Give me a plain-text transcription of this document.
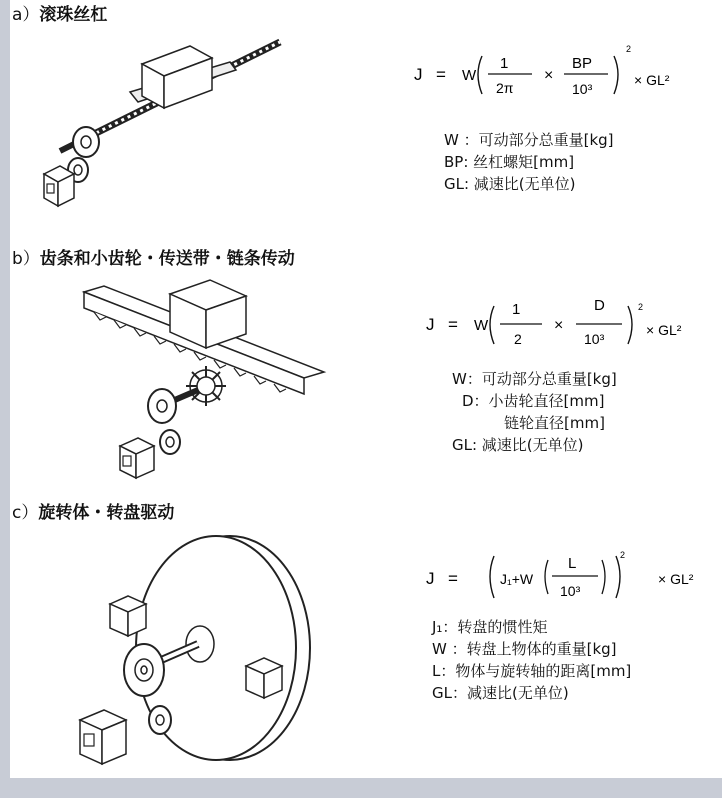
a）滚珠丝杠
J = W
1
2π
×
BP
10³
2
× GL²
W ：可动部分总重量[kg]
BP: 丝杠螺矩[mm]
GL: 减速比(无单位)
b）齿条和小齿轮・传送带・链条传动
J = W
1
2
×
D
10³
2
× GL²
W：可动部分总重量[kg]
D：小齿轮直径[mm]
链轮直径[mm]
GL: 减速比(无单位)
c）旋转体・转盘驱动
J =	J₁+W
L
10³
2
× GL²
J₁：转盘的惯性矩
W ：转盘上物体的重量[kg]
L：物体与旋转轴的距离[mm]
GL：减速比(无单位)
